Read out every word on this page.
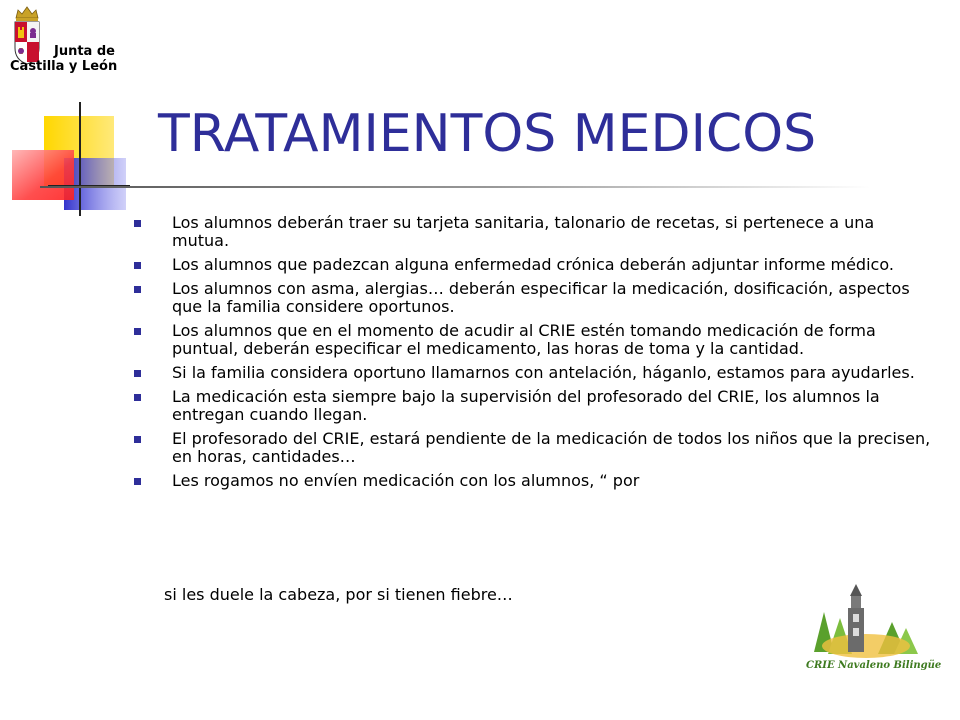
Junta de
Castilla y León
TRATAMIENTOS MEDICOS
Los alumnos deberán traer su tarjeta sanitaria, talonario de recetas, si pertenece a una mutua.
Los alumnos que padezcan alguna enfermedad crónica deberán adjuntar informe médico.
Los alumnos con asma, alergias… deberán especificar la medicación, dosificación, aspectos que la familia considere oportunos.
Los alumnos que en el momento de acudir al CRIE estén tomando medicación de forma puntual, deberán especificar el medicamento, las horas de toma y la cantidad.
Si la familia considera oportuno llamarnos con antelación, háganlo, estamos para ayudarles.
La medicación esta siempre bajo la supervisión del profesorado del CRIE, los alumnos la entregan cuando llegan.
El profesorado del CRIE, estará pendiente de la medicación de todos los niños que la precisen, en horas, cantidades…
Les rogamos no envíen medicación con los alumnos, “ por
si les duele la cabeza, por si tienen fiebre…
CRIE Navaleno Bilingüe
